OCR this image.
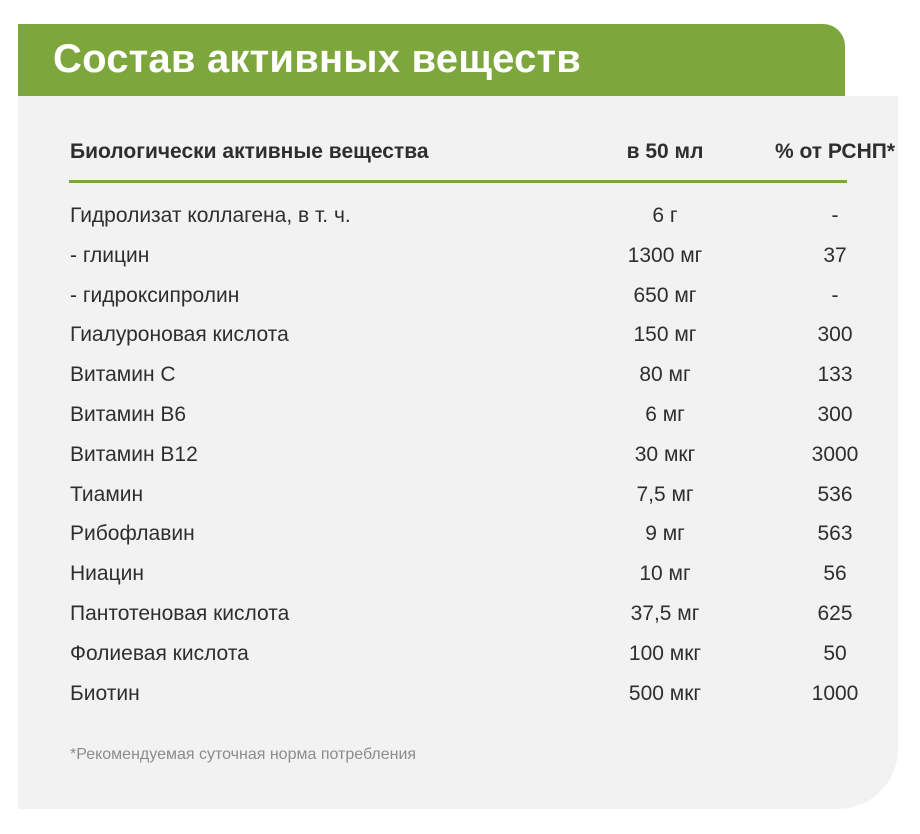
Состав активных веществ
Биологически активные вещества	в 50 мл	% от РСНП*
Гидролизат коллагена, в т. ч.	6 г	-
- глицин	1300 мг	37
- гидроксипролин	650 мг	-
Гиалуроновая кислота	150 мг	300
Витамин С	80 мг	133
Витамин В6	6 мг	300
Витамин В12	30 мкг	3000
Тиамин	7,5 мг	536
Рибофлавин	9 мг	563
Ниацин	10 мг	56
Пантотеновая кислота	37,5 мг	625
Фолиевая кислота	100 мкг	50
Биотин	500 мкг	1000
*Рекомендуемая суточная норма потребления
